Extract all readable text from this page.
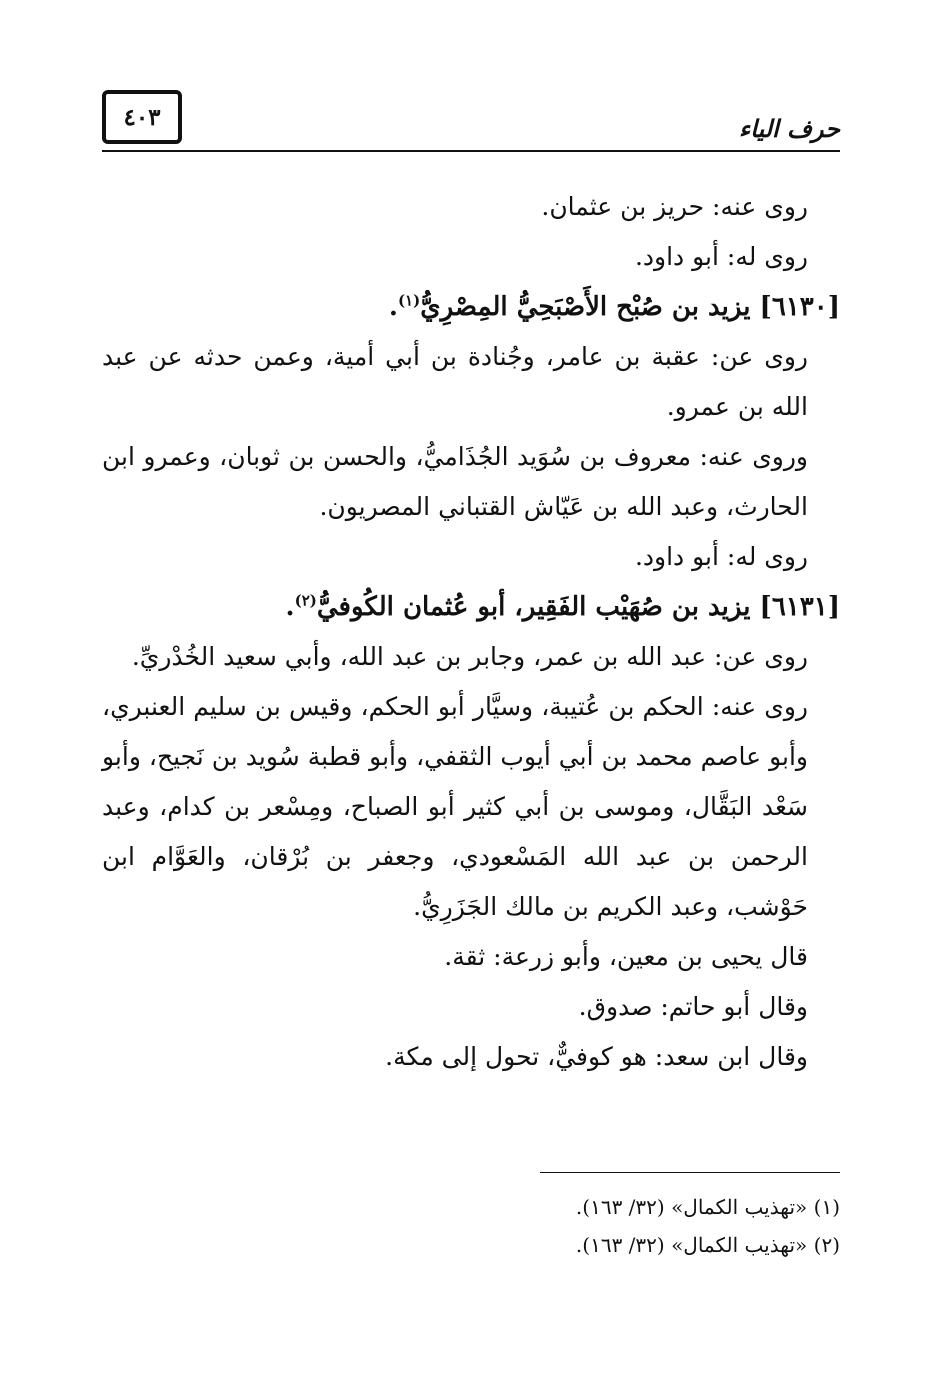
٤٠٣	حرف الياء

روى عنه: حريز بن عثمان.

روى له: أبو داود.

[٦١٣٠] يزيد بن صُبْح الأَصْبَحِيُّ المِصْرِيُّ$^{(١)}$.

روى عن: عقبة بن عامر، وجُنادة بن أبي أمية، وعمن حدثه عن عبد الله بن عمرو.

وروى عنه: معروف بن سُوَيد الجُذَاميُّ، والحسن بن ثوبان، وعمرو ابن الحارث، وعبد الله بن عَيّاش القتباني المصريون.

روى له: أبو داود.

[٦١٣١] يزيد بن صُهَيْب الفَقِير، أبو عُثمان الكُوفيُّ$^{(٢)}$.

روى عن: عبد الله بن عمر، وجابر بن عبد الله، وأبي سعيد الخُدْريِّ.

روى عنه: الحكم بن عُتيبة، وسيَّار أبو الحكم، وقيس بن سليم العنبري، وأبو عاصم محمد بن أبي أيوب الثقفي، وأبو قطبة سُويد بن نَجيح، وأبو سَعْد البَقَّال، وموسى بن أبي كثير أبو الصباح، ومِسْعر بن كدام، وعبد الرحمن بن عبد الله المَسْعودي، وجعفر بن بُرْقان، والعَوَّام ابن حَوْشب، وعبد الكريم بن مالك الجَزَرِيُّ.

قال يحيى بن معين، وأبو زرعة: ثقة.

وقال أبو حاتم: صدوق.

وقال ابن سعد: هو كوفيٌّ، تحول إلى مكة.

(١) «تهذيب الكمال» (٣٢/ ١٦٣).

(٢) «تهذيب الكمال» (٣٢/ ١٦٣).
